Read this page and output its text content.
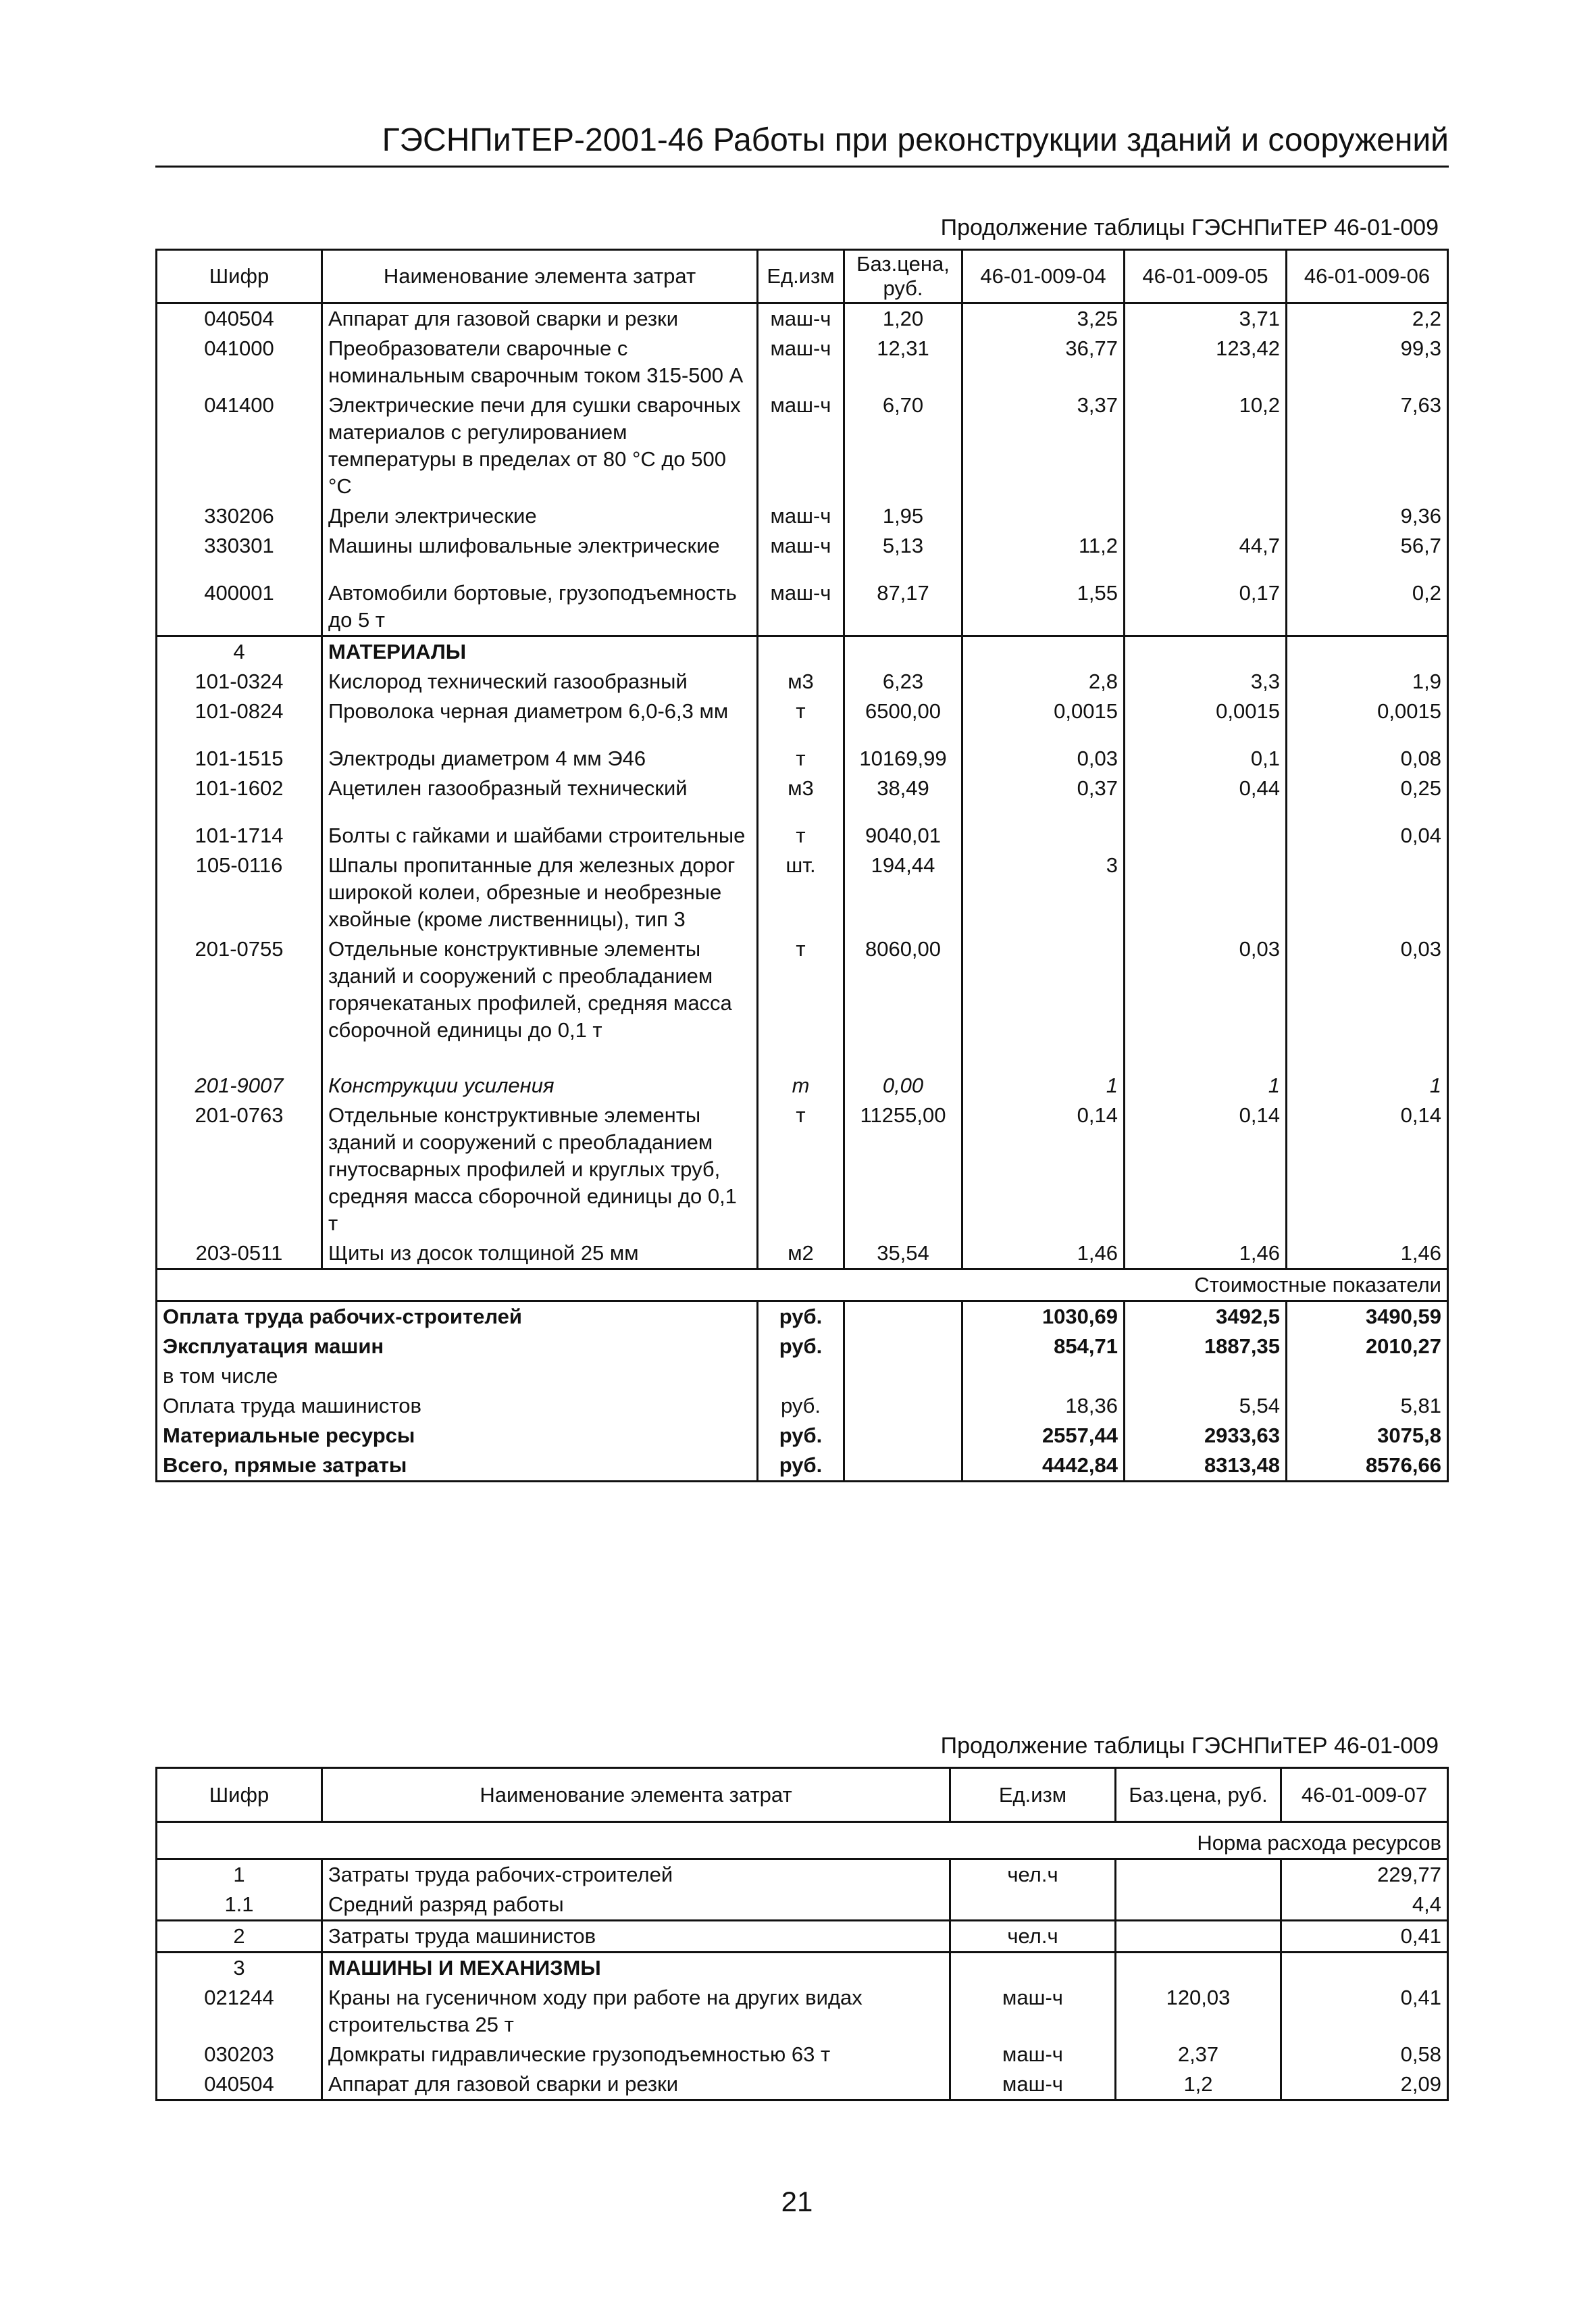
ГЭСНПиТЕР-2001-46 Работы при реконструкции зданий и сооружений
Продолжение таблицы ГЭСНПиТЕР 46-01-009
Шифр	Наименование элемента затрат	Ед.изм	Баз.цена, руб.	46-01-009-04	46-01-009-05	46-01-009-06
040504	Аппарат для газовой сварки и резки	маш-ч	1,20	3,25	3,71	2,2
041000	Преобразователи сварочные с номинальным сварочным током 315-500 А	маш-ч	12,31	36,77	123,42	99,3
041400	Электрические печи для сушки сварочных материалов с регулированием температуры в пределах от 80 °С до 500 °С	маш-ч	6,70	3,37	10,2	7,63
330206	Дрели электрические	маш-ч	1,95			9,36
330301	Машины шлифовальные электрические	маш-ч	5,13	11,2	44,7	56,7
400001	Автомобили бортовые, грузоподъемность до 5 т	маш-ч	87,17	1,55	0,17	0,2
4	МАТЕРИАЛЫ					
101-0324	Кислород технический газообразный	м3	6,23	2,8	3,3	1,9
101-0824	Проволока черная диаметром 6,0-6,3 мм	т	6500,00	0,0015	0,0015	0,0015
101-1515	Электроды диаметром 4 мм Э46	т	10169,99	0,03	0,1	0,08
101-1602	Ацетилен газообразный технический	м3	38,49	0,37	0,44	0,25
101-1714	Болты с гайками и шайбами строительные	т	9040,01			0,04
105-0116	Шпалы пропитанные для железных дорог широкой колеи, обрезные и необрезные хвойные (кроме лиственницы), тип 3	шт.	194,44	3		
201-0755	Отдельные конструктивные элементы зданий и сооружений с преобладанием горячекатаных профилей, средняя масса сборочной единицы до 0,1 т	т	8060,00		0,03	0,03
201-9007	Конструкции усиления	т	0,00	1	1	1
201-0763	Отдельные конструктивные элементы зданий и сооружений с преобладанием гнутосварных профилей и круглых труб, средняя масса сборочной единицы до 0,1 т	т	11255,00	0,14	0,14	0,14
203-0511	Щиты из досок толщиной 25 мм	м2	35,54	1,46	1,46	1,46
Стоимостные показатели						
Оплата труда рабочих-строителей		руб.		1030,69	3492,5	3490,59
Эксплуатация машин		руб.		854,71	1887,35	2010,27
в том числе						
Оплата труда машинистов		руб.		18,36	5,54	5,81
Материальные ресурсы		руб.		2557,44	2933,63	3075,8
Всего, прямые затраты		руб.		4442,84	8313,48	8576,66
Продолжение таблицы ГЭСНПиТЕР 46-01-009
Шифр	Наименование элемента затрат	Ед.изм	Баз.цена, руб.	46-01-009-07
Норма расхода ресурсов				
1	Затраты труда рабочих-строителей	чел.ч		229,77
1.1	Средний разряд работы			4,4
2	Затраты труда машинистов	чел.ч		0,41
3	МАШИНЫ И МЕХАНИЗМЫ			
021244	Краны на гусеничном ходу при работе на других видах строительства 25 т	маш-ч	120,03	0,41
030203	Домкраты гидравлические грузоподъемностью 63 т	маш-ч	2,37	0,58
040504	Аппарат для газовой сварки и резки	маш-ч	1,2	2,09
21
